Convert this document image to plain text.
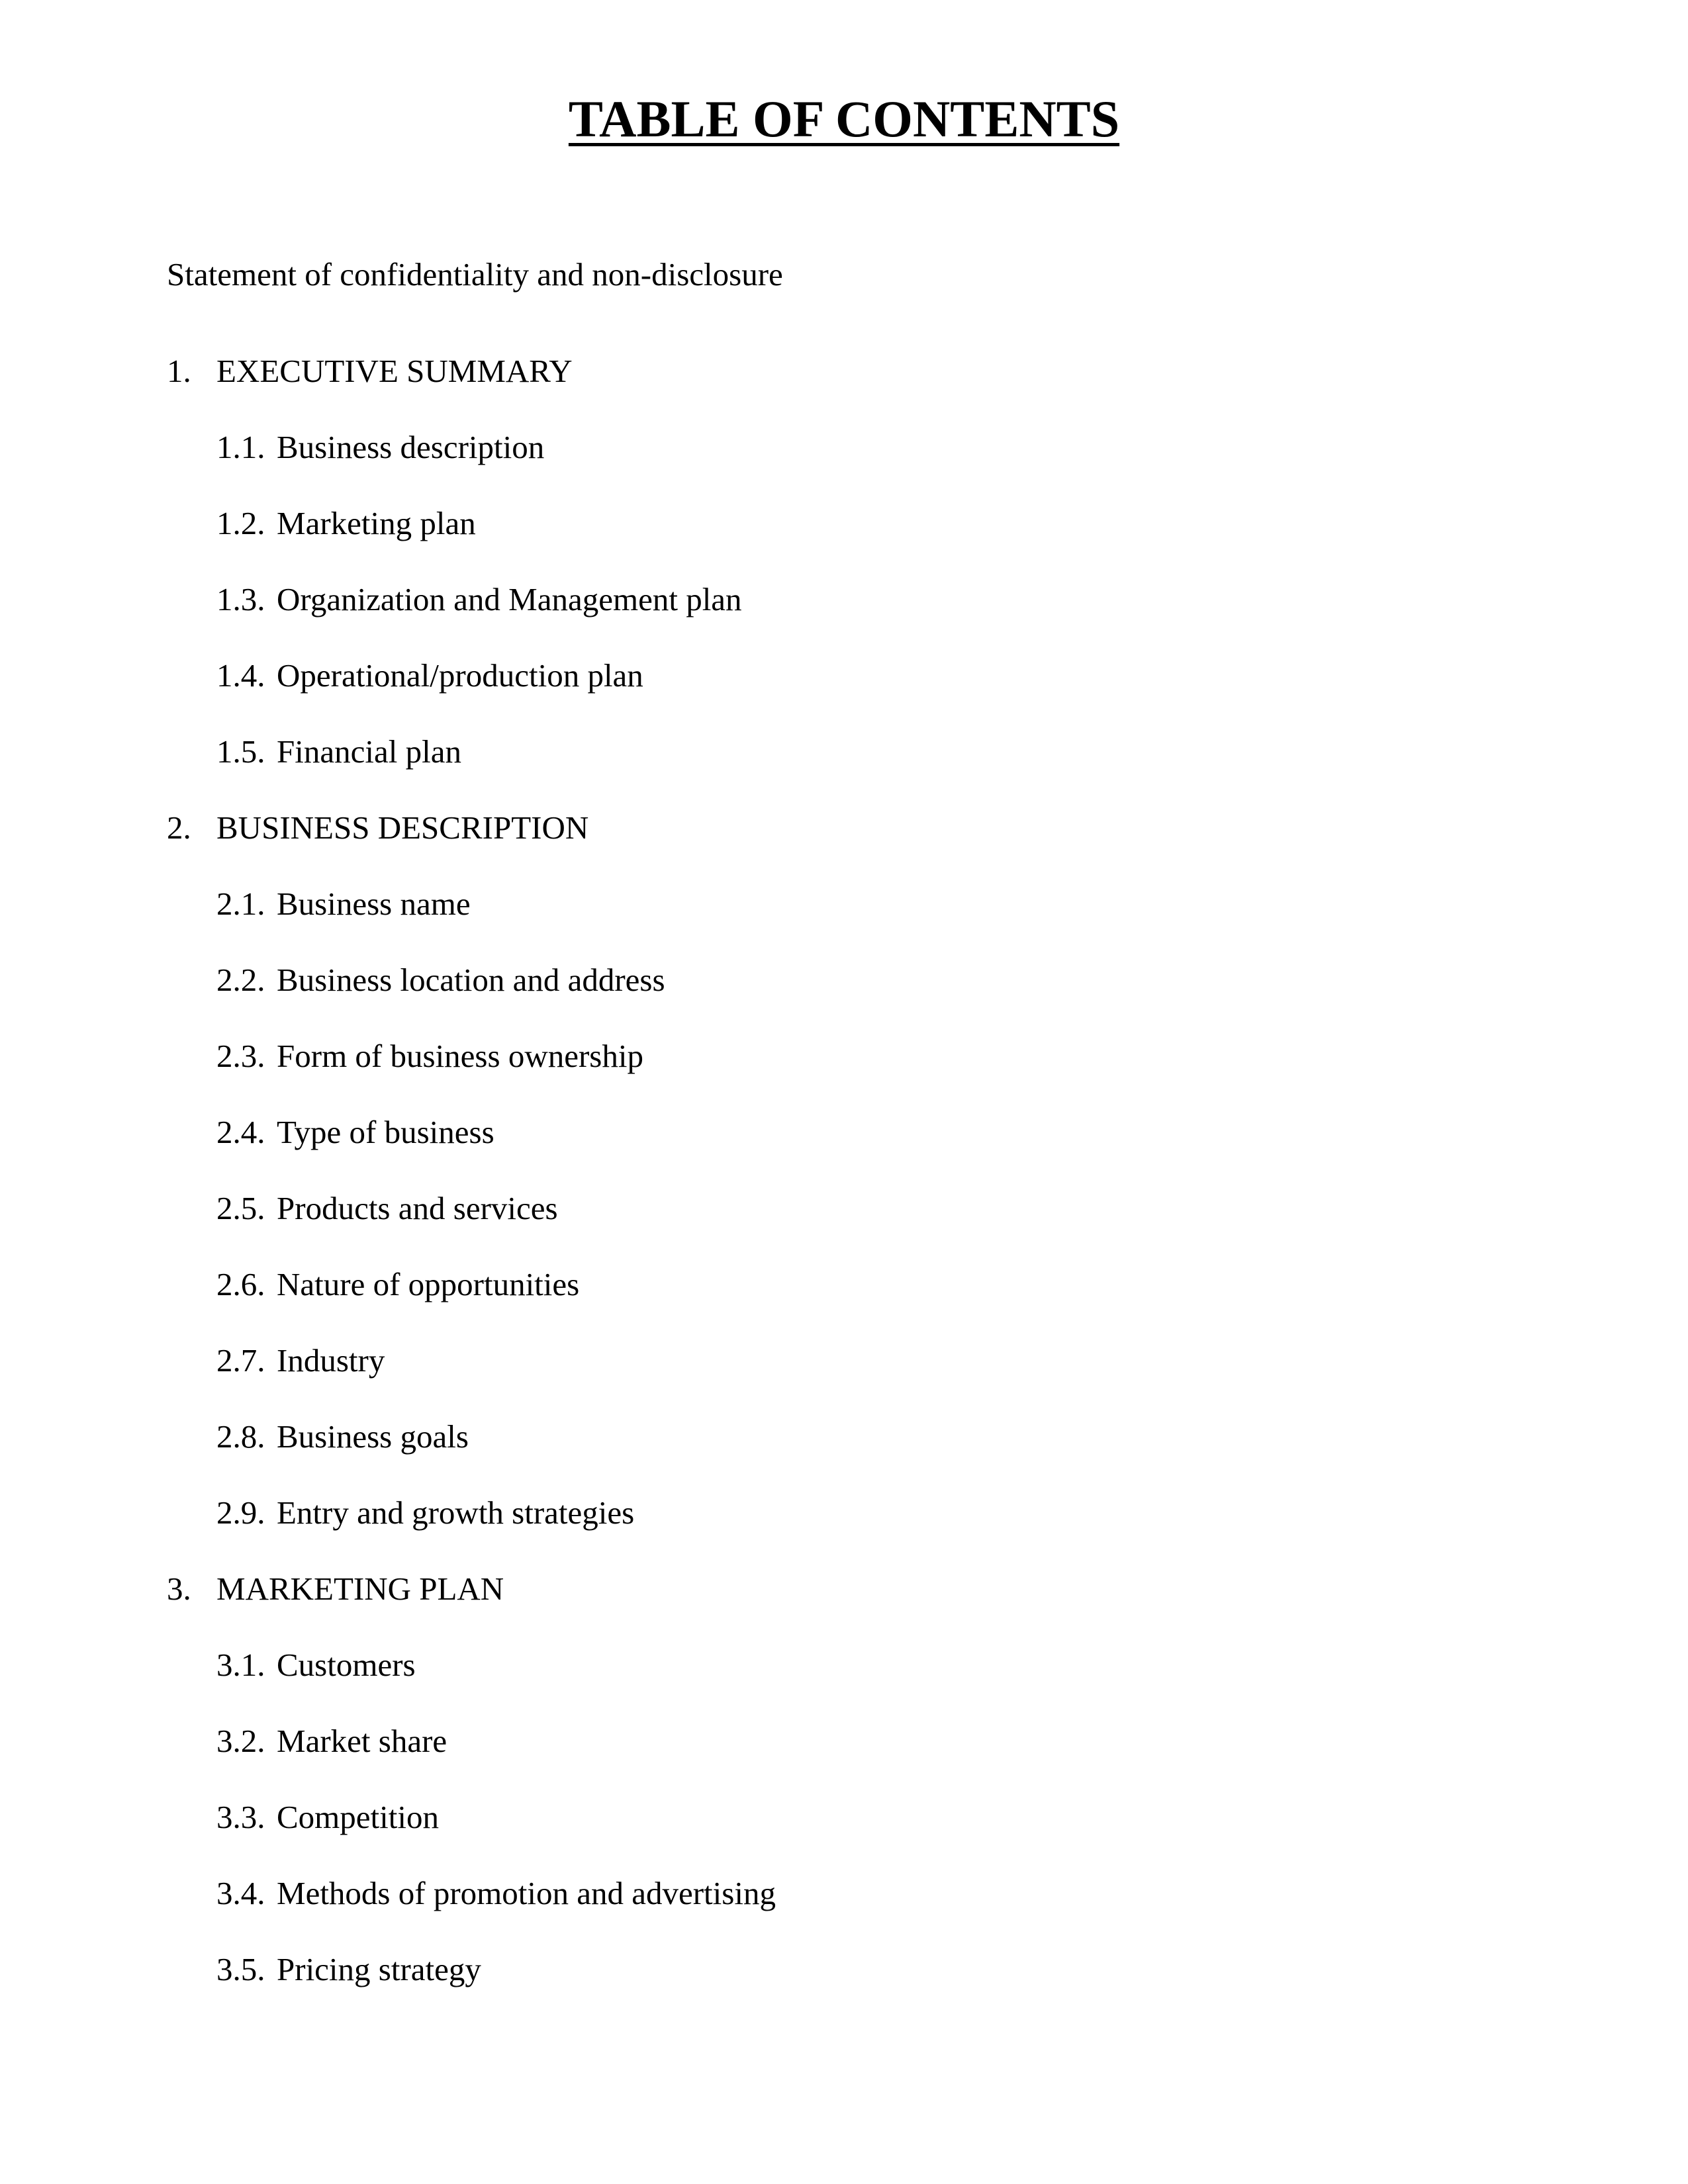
TABLE OF CONTENTS
Statement of confidentiality and non-disclosure
1. EXECUTIVE SUMMARY
1.1. Business description
1.2. Marketing plan
1.3. Organization and Management plan
1.4. Operational/production plan
1.5. Financial plan
2. BUSINESS DESCRIPTION
2.1. Business name
2.2. Business location and address
2.3. Form of business ownership
2.4. Type of business
2.5. Products and services
2.6. Nature of opportunities
2.7. Industry
2.8. Business goals
2.9. Entry and growth strategies
3. MARKETING PLAN
3.1. Customers
3.2. Market share
3.3. Competition
3.4. Methods of promotion and advertising
3.5. Pricing strategy
